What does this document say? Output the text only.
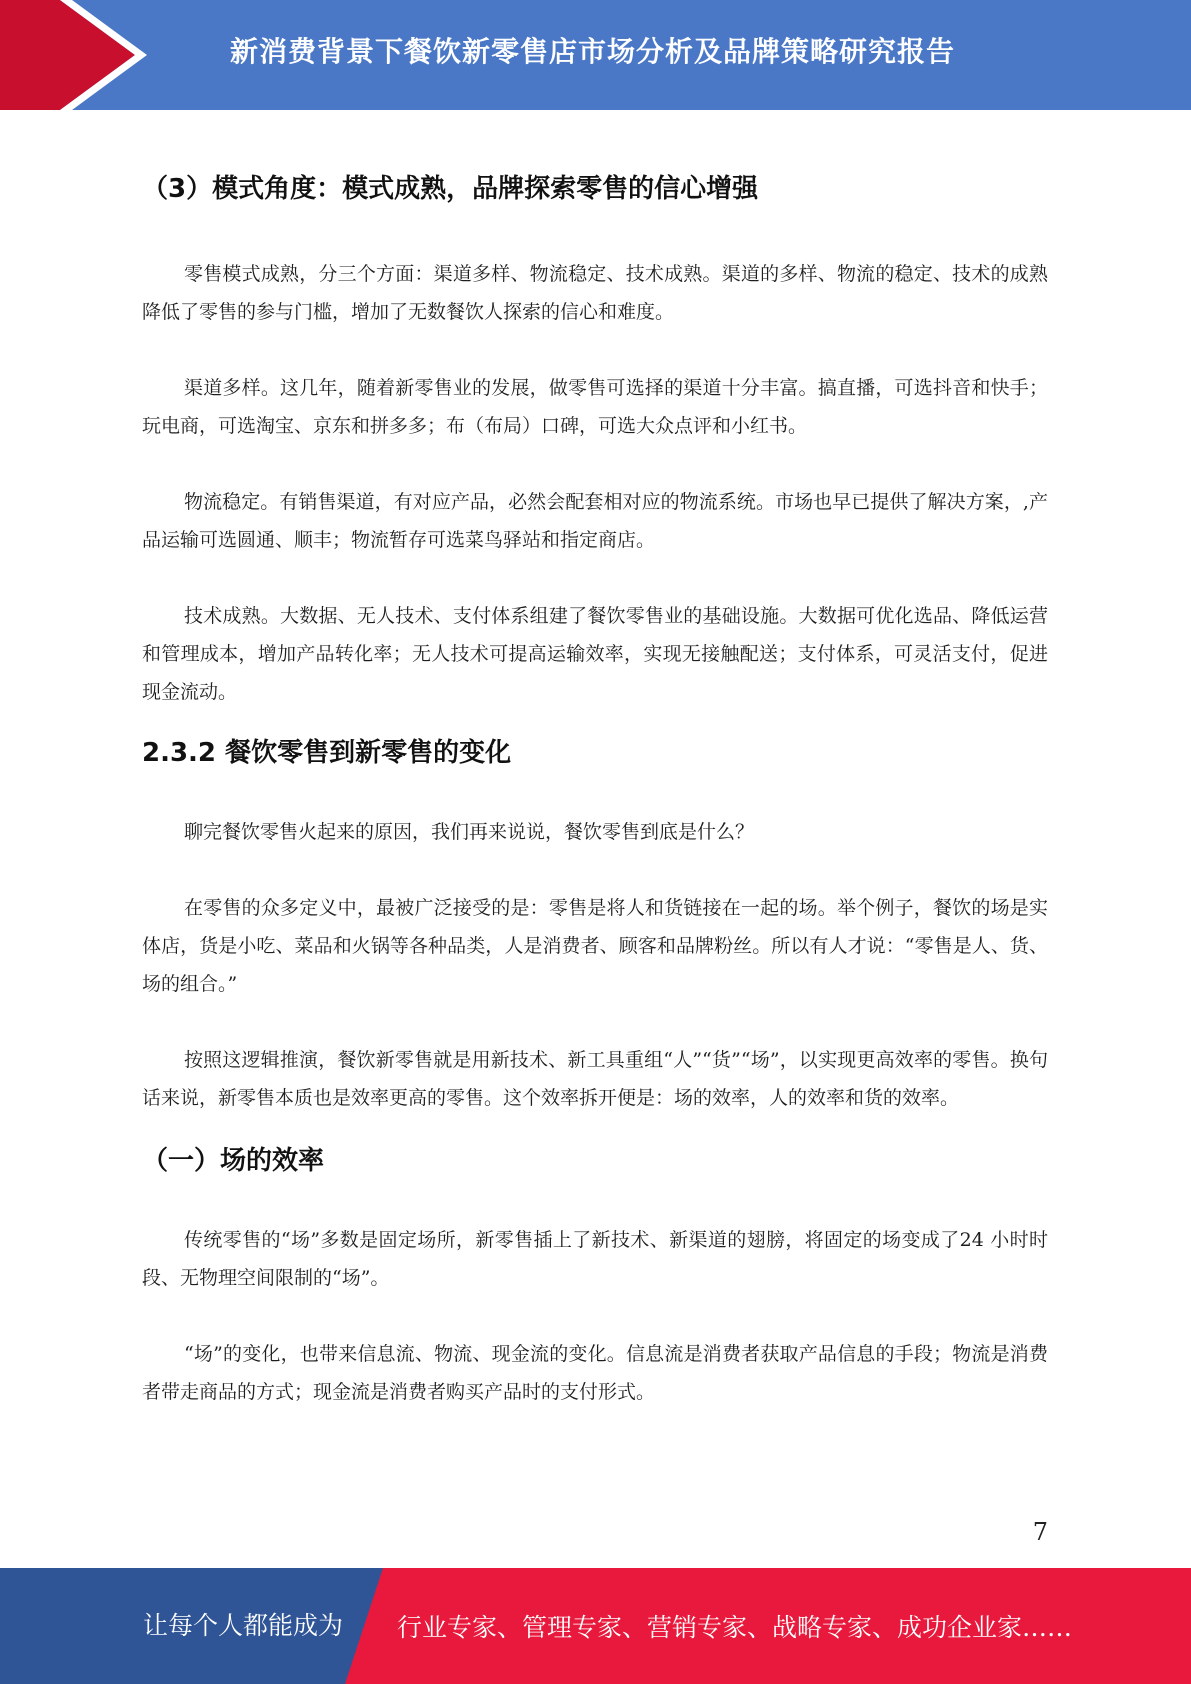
新消费背景下餐饮新零售店市场分析及品牌策略研究报告
（3）模式角度：模式成熟，品牌探索零售的信心增强

零售模式成熟，分三个方面：渠道多样、物流稳定、技术成熟。渠道的多样、物流的稳定、技术的成熟降低了零售的参与门槛，增加了无数餐饮人探索的信心和难度。

渠道多样。这几年，随着新零售业的发展，做零售可选择的渠道十分丰富。搞直播，可选抖音和快手；玩电商，可选淘宝、京东和拼多多；布（布局）口碑，可选大众点评和小红书。

物流稳定。有销售渠道，有对应产品，必然会配套相对应的物流系统。市场也早已提供了解决方案，,产品运输可选圆通、顺丰；物流暂存可选菜鸟驿站和指定商店。

技术成熟。大数据、无人技术、支付体系组建了餐饮零售业的基础设施。大数据可优化选品、降低运营和管理成本，增加产品转化率；无人技术可提高运输效率，实现无接触配送；支付体系，可灵活支付，促进现金流动。

2.3.2 餐饮零售到新零售的变化

聊完餐饮零售火起来的原因，我们再来说说，餐饮零售到底是什么？

在零售的众多定义中，最被广泛接受的是：零售是将人和货链接在一起的场。举个例子，餐饮的场是实体店，货是小吃、菜品和火锅等各种品类，人是消费者、顾客和品牌粉丝。所以有人才说：“零售是人、货、场的组合。”

按照这逻辑推演，餐饮新零售就是用新技术、新工具重组“人”“货”“场”，以实现更高效率的零售。换句话来说，新零售本质也是效率更高的零售。这个效率拆开便是：场的效率，人的效率和货的效率。

（一）场的效率

传统零售的“场”多数是固定场所，新零售插上了新技术、新渠道的翅膀，将固定的场变成了24 小时时段、无物理空间限制的“场”。

“场”的变化，也带来信息流、物流、现金流的变化。信息流是消费者获取产品信息的手段；物流是消费者带走商品的方式；现金流是消费者购买产品时的支付形式。

7
让每个人都能成为 行业专家、管理专家、营销专家、战略专家、成功企业家……
